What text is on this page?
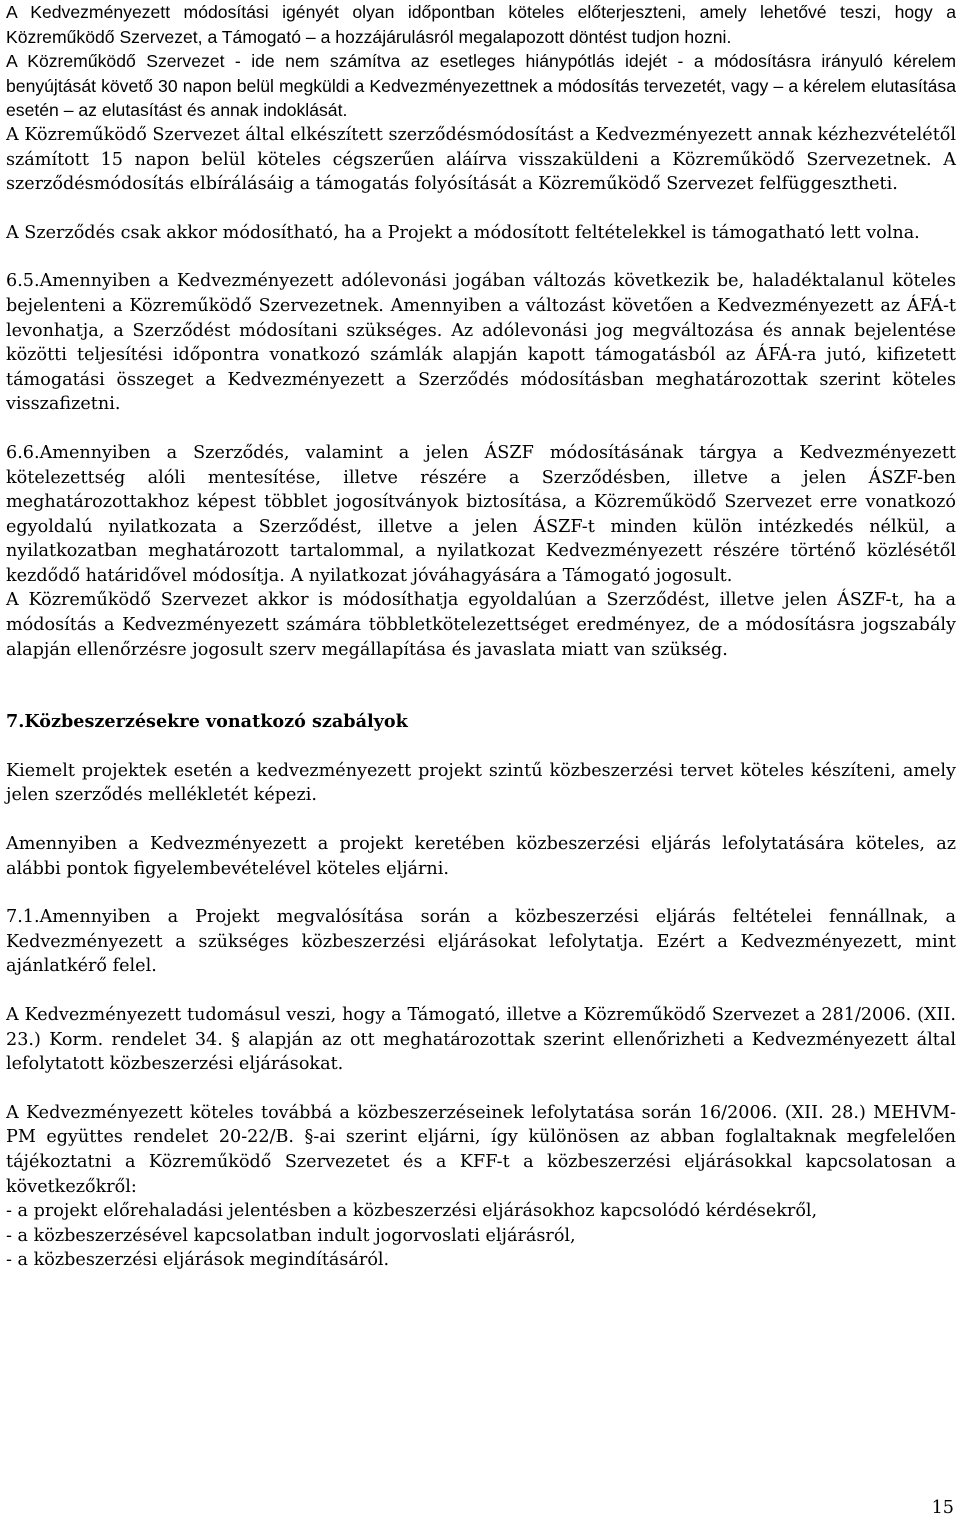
A Kedvezményezett módosítási igényét olyan időpontban köteles előterjeszteni, amely lehetővé teszi, hogy a Közreműködő Szervezet, a Támogató – a hozzájárulásról megalapozott döntést tudjon hozni.

A Közreműködő Szervezet - ide nem számítva az esetleges hiánypótlás idejét - a módosításra irányuló kérelem benyújtását követő 30 napon belül megküldi a Kedvezményezettnek a módosítás tervezetét, vagy – a kérelem elutasítása esetén – az elutasítást és annak indoklását.

A Közreműködő Szervezet által elkészített szerződésmódosítást a Kedvezményezett annak kézhezvételétől számított 15 napon belül köteles cégszerűen aláírva visszaküldeni a Közreműködő Szervezetnek. A szerződésmódosítás elbírálásáig a támogatás folyósítását a Közreműködő Szervezet felfüggesztheti.

A Szerződés csak akkor módosítható, ha a Projekt a módosított feltételekkel is támogatható lett volna.

6.5.Amennyiben a Kedvezményezett adólevonási jogában változás következik be, haladéktalanul köteles bejelenteni a Közreműködő Szervezetnek. Amennyiben a változást követően a Kedvezményezett az ÁFÁ-t levonhatja, a Szerződést módosítani szükséges. Az adólevonási jog megváltozása és annak bejelentése közötti teljesítési időpontra vonatkozó számlák alapján kapott támogatásból az ÁFÁ-ra jutó, kifizetett támogatási összeget a Kedvezményezett a Szerződés módosításban meghatározottak szerint köteles visszafizetni.

6.6.Amennyiben a Szerződés, valamint a jelen ÁSZF módosításának tárgya a Kedvezményezett kötelezettség alóli mentesítése, illetve részére a Szerződésben, illetve a jelen ÁSZF-ben meghatározottakhoz képest többlet jogosítványok biztosítása, a Közreműködő Szervezet erre vonatkozó egyoldalú nyilatkozata a Szerződést, illetve a jelen ÁSZF-t minden külön intézkedés nélkül, a nyilatkozatban meghatározott tartalommal, a nyilatkozat Kedvezményezett részére történő közlésétől kezdődő határidővel módosítja. A nyilatkozat jóváhagyására a Támogató jogosult.

A Közreműködő Szervezet akkor is módosíthatja egyoldalúan a Szerződést, illetve jelen ÁSZF-t, ha a módosítás a Kedvezményezett számára többletkötelezettséget eredményez, de a módosításra jogszabály alapján ellenőrzésre jogosult szerv megállapítása és javaslata miatt van szükség.

7.Közbeszerzésekre vonatkozó szabályok

Kiemelt projektek esetén a kedvezményezett projekt szintű közbeszerzési tervet köteles készíteni, amely jelen szerződés mellékletét képezi.

Amennyiben a Kedvezményezett a projekt keretében közbeszerzési eljárás lefolytatására köteles, az alábbi pontok figyelembevételével köteles eljárni.

7.1.Amennyiben a Projekt megvalósítása során a közbeszerzési eljárás feltételei fennállnak, a Kedvezményezett a szükséges közbeszerzési eljárásokat lefolytatja. Ezért a Kedvezményezett, mint ajánlatkérő felel.

A Kedvezményezett tudomásul veszi, hogy a Támogató, illetve a Közreműködő Szervezet a 281/2006. (XII. 23.) Korm. rendelet 34. § alapján az ott meghatározottak szerint ellenőrizheti a Kedvezményezett által lefolytatott közbeszerzési eljárásokat.

A Kedvezményezett köteles továbbá a közbeszerzéseinek lefolytatása során 16/2006. (XII. 28.) MEHVM-PM együttes rendelet 20-22/B. §-ai szerint eljárni, így különösen az abban foglaltaknak megfelelően tájékoztatni a Közreműködő Szervezetet és a KFF-t a közbeszerzési eljárásokkal kapcsolatosan a következőkről:

- a projekt előrehaladási jelentésben a közbeszerzési eljárásokhoz kapcsolódó kérdésekről,

- a közbeszerzésével kapcsolatban indult jogorvoslati eljárásról,

- a közbeszerzési eljárások megindításáról.

15
